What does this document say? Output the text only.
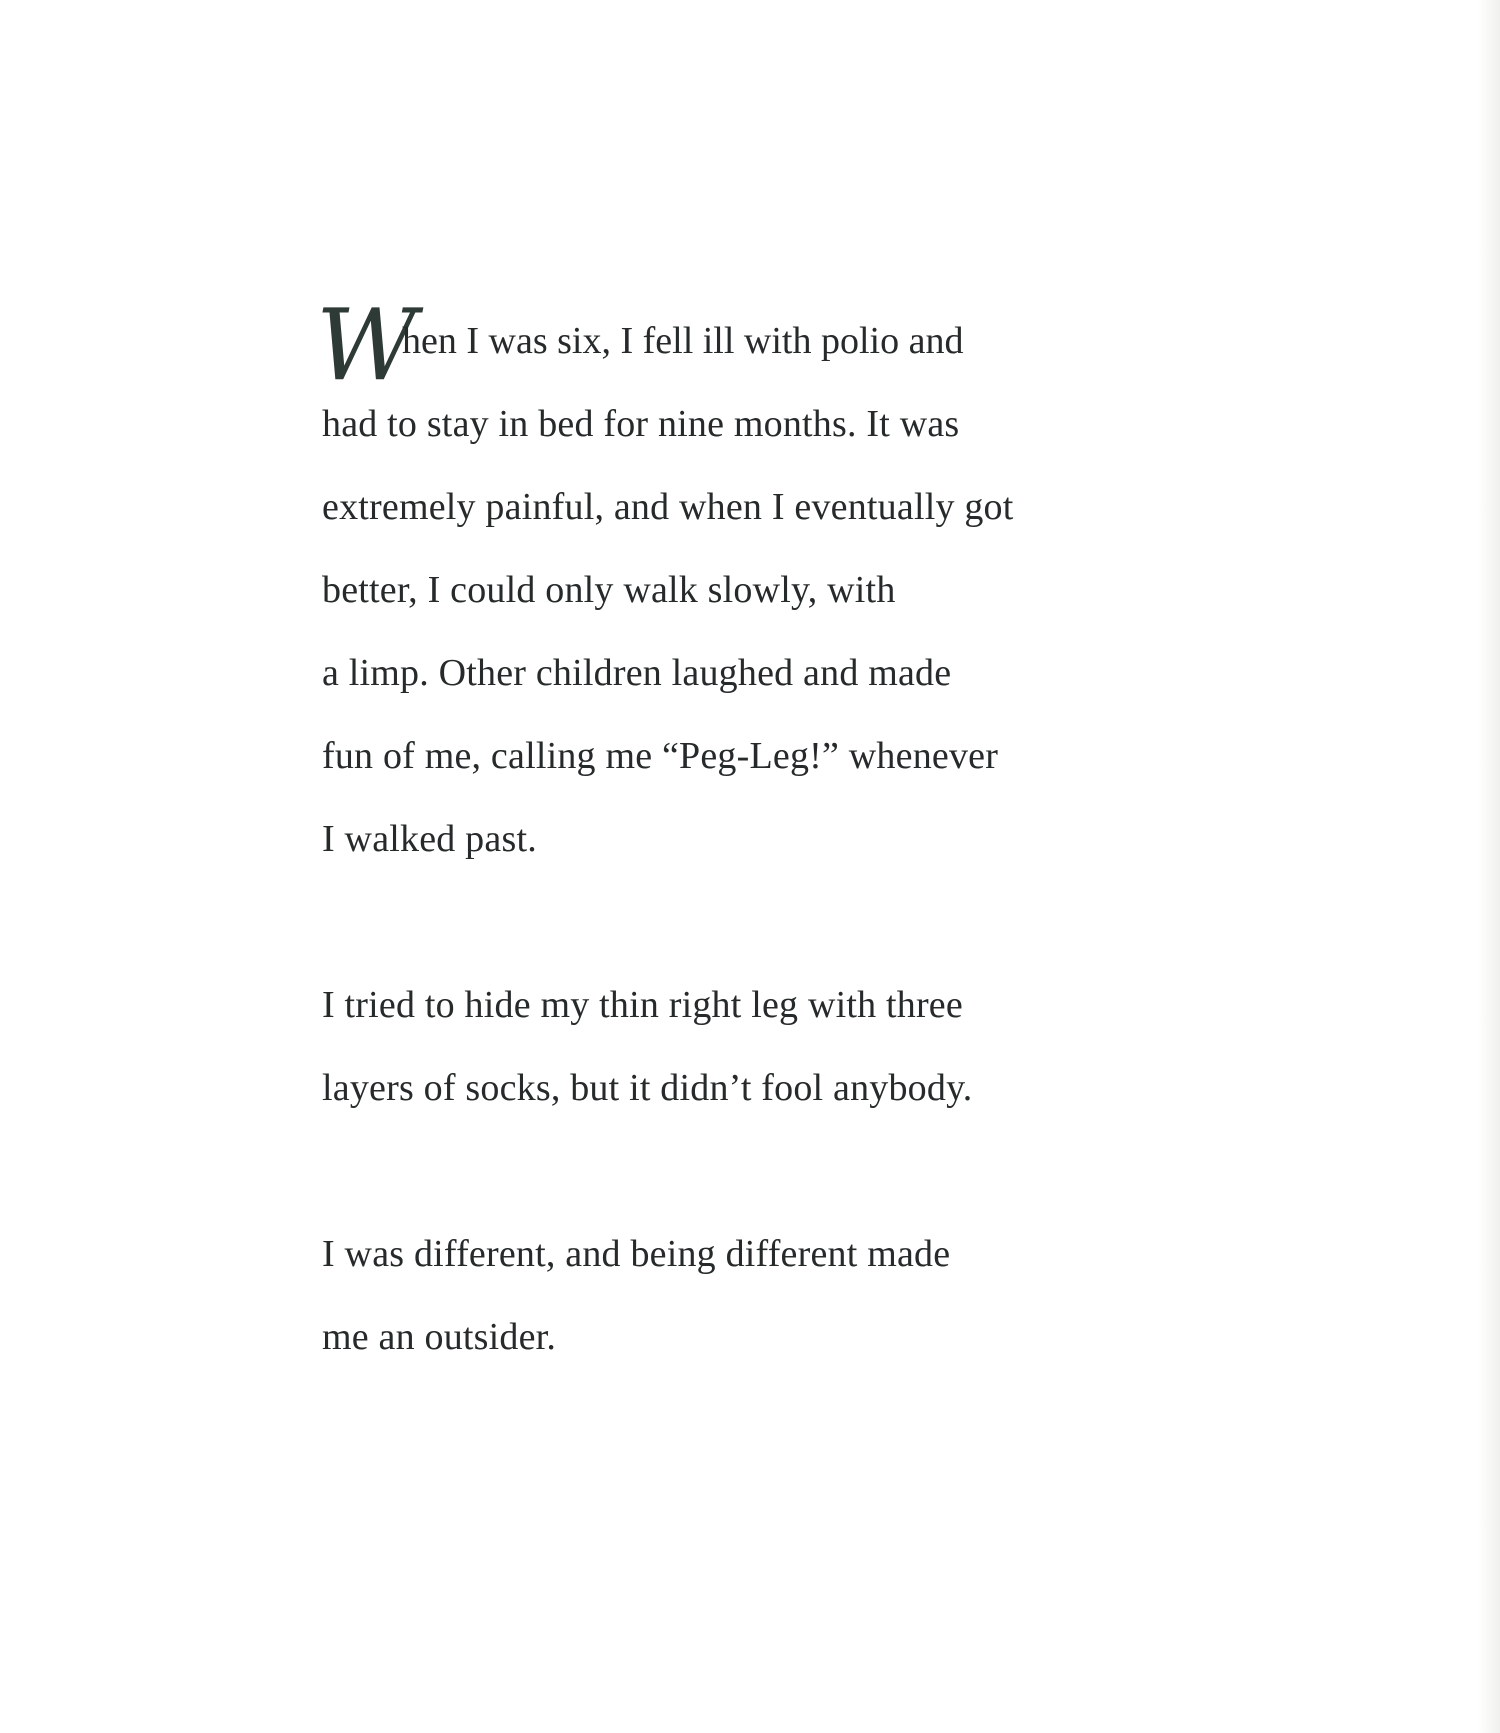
W
hen I was six, I fell ill with polio and
had to stay in bed for nine months. It was
extremely painful, and when I eventually got
better, I could only walk slowly, with
a limp. Other children laughed and made
fun of me, calling me “Peg-Leg!” whenever
I walked past.
I tried to hide my thin right leg with three
layers of socks, but it didn’t fool anybody.
I was different, and being different made
me an outsider.
